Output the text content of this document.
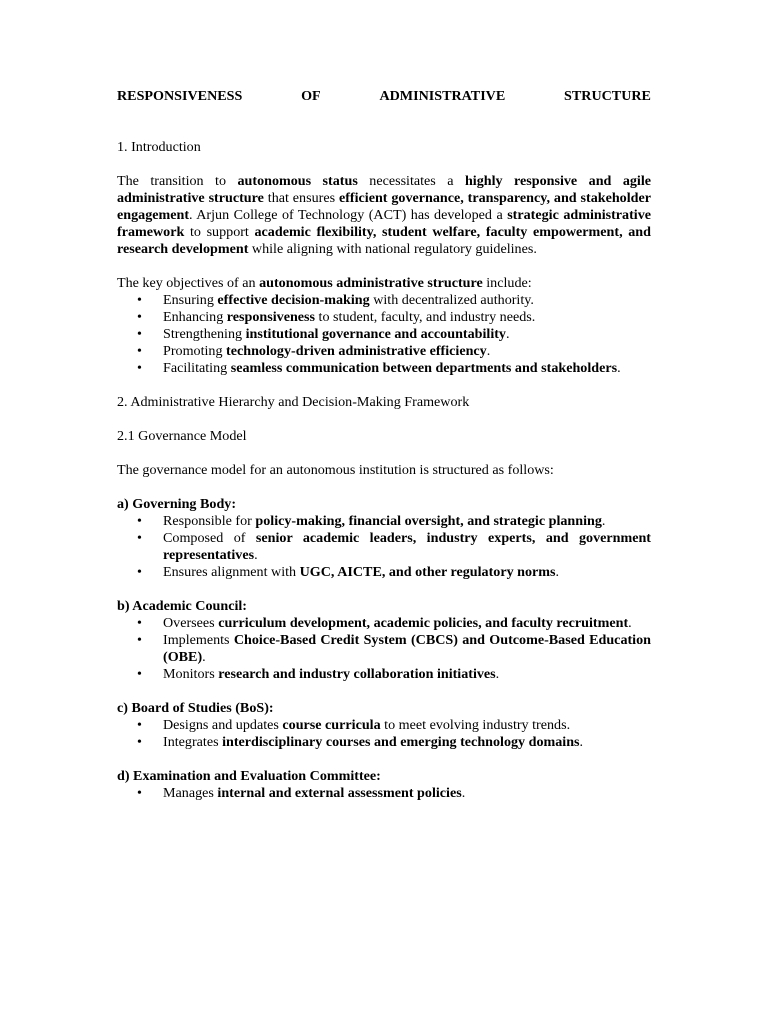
RESPONSIVENESS	OF	ADMINISTRATIVE	STRUCTURE

1. Introduction

The transition to autonomous status necessitates a highly responsive and agile administrative structure that ensures efficient governance, transparency, and stakeholder engagement. Arjun College of Technology (ACT) has developed a strategic administrative framework to support academic flexibility, student welfare, faculty empowerment, and research development while aligning with national regulatory guidelines.

The key objectives of an autonomous administrative structure include:

• Ensuring effective decision-making with decentralized authority.
• Enhancing responsiveness to student, faculty, and industry needs.
• Strengthening institutional governance and accountability.
• Promoting technology-driven administrative efficiency.
• Facilitating seamless communication between departments and stakeholders.

2. Administrative Hierarchy and Decision-Making Framework

2.1 Governance Model

The governance model for an autonomous institution is structured as follows:

a) Governing Body:

• Responsible for policy-making, financial oversight, and strategic planning.
• Composed of senior academic leaders, industry experts, and government representatives.
• Ensures alignment with UGC, AICTE, and other regulatory norms.

b) Academic Council:

• Oversees curriculum development, academic policies, and faculty recruitment.
• Implements Choice-Based Credit System (CBCS) and Outcome-Based Education (OBE).
• Monitors research and industry collaboration initiatives.

c) Board of Studies (BoS):

• Designs and updates course curricula to meet evolving industry trends.
• Integrates interdisciplinary courses and emerging technology domains.

d) Examination and Evaluation Committee:

• Manages internal and external assessment policies.
